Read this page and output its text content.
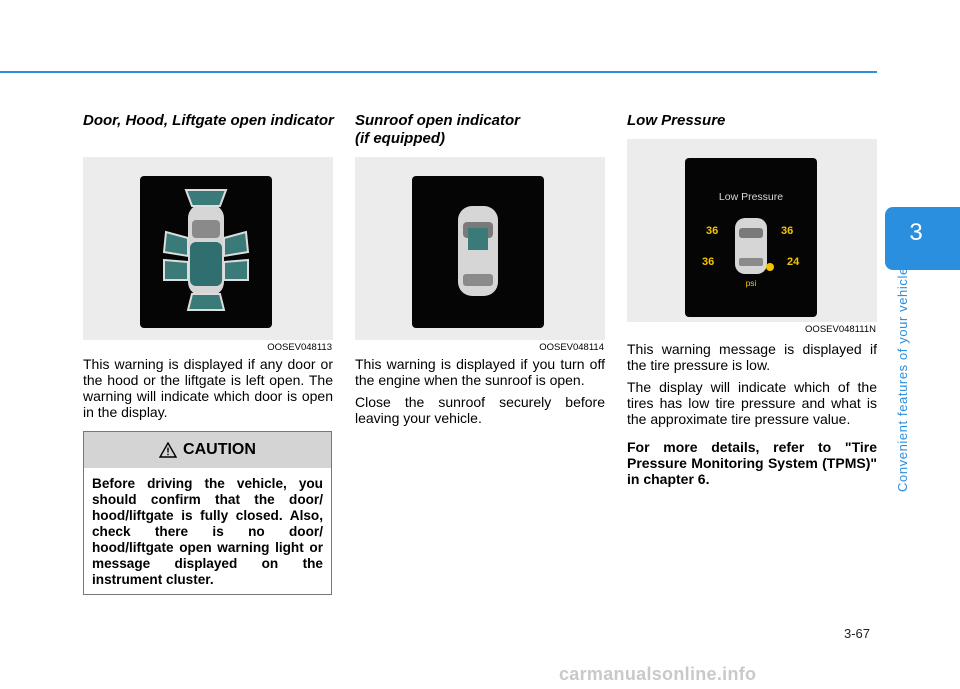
Door, Hood, Liftgate open indicator

OOSEV048113

This warning is displayed if any door or the hood or the liftgate is left open. The warning will indicate which door is open in the display.

CAUTION
Before driving the vehicle, you should confirm that the door/ hood/liftgate is fully closed. Also, check there is no door/ hood/liftgate open warning light or message displayed on the instrument cluster.

Sunroof open indicator

(if equipped)

OOSEV048114

This warning is displayed if you turn off the engine when the sunroof is open.

Close the sunroof securely before leaving your vehicle.

Low Pressure

Low Pressure
36	36
36	24
psi
OOSEV048111N

This warning message is displayed if the tire pressure is low.

The display will indicate which of the tires has low tire pressure and what is the approximate tire pressure value.

For more details, refer to "Tire Pressure Monitoring System (TPMS)" in chapter 6.

3
Convenient features of your vehicle
3-67
carmanualsonline.info
